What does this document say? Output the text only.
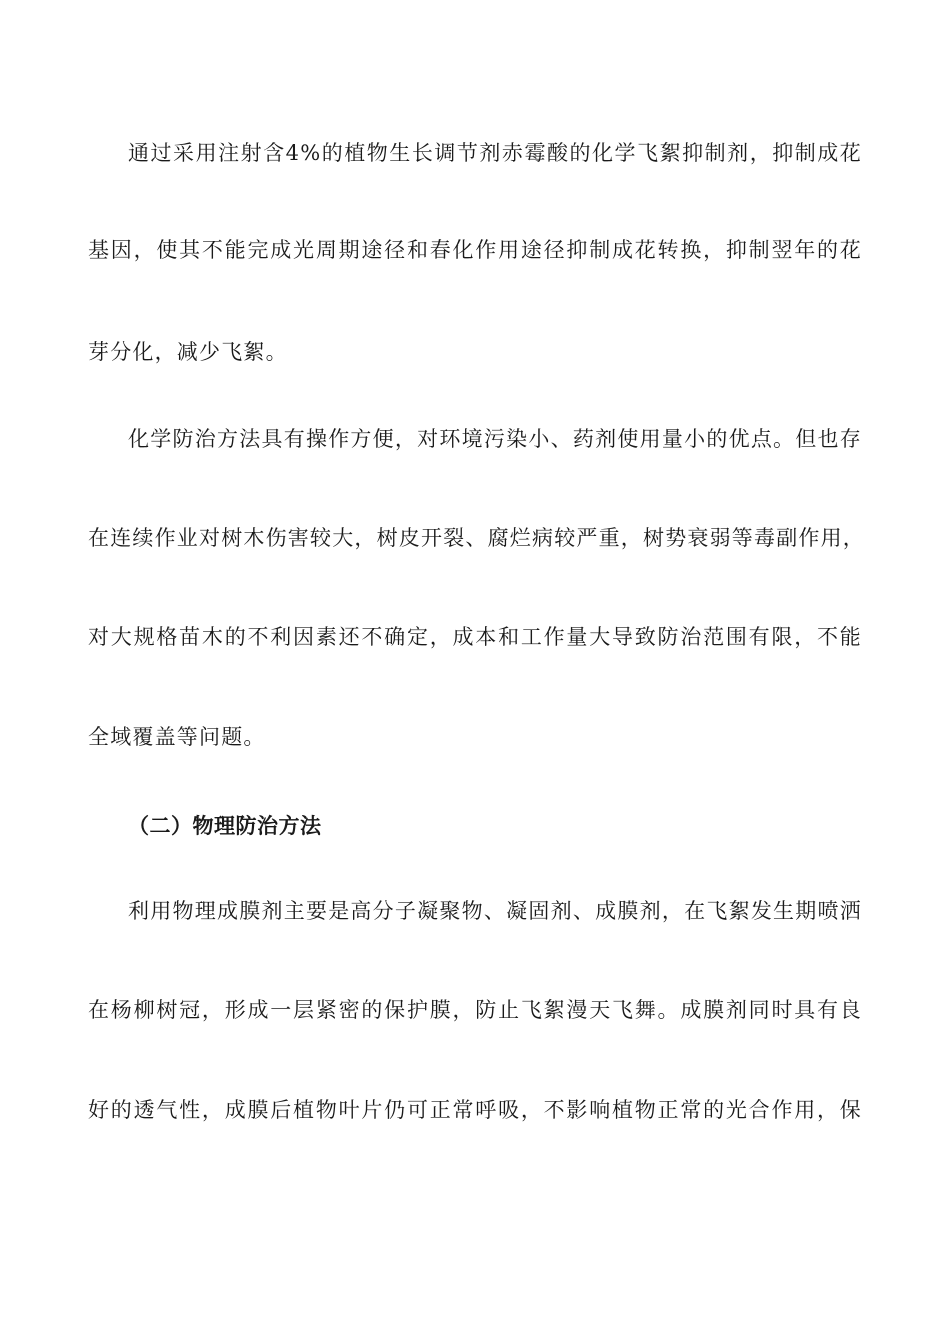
通过采用注射含4%的植物生长调节剂赤霉酸的化学飞絮抑制剂，抑制成花
基因，使其不能完成光周期途径和春化作用途径抑制成花转换，抑制翌年的花
芽分化，减少飞絮。
化学防治方法具有操作方便，对环境污染小、药剂使用量小的优点。但也存
在连续作业对树木伤害较大，树皮开裂、腐烂病较严重，树势衰弱等毒副作用，
对大规格苗木的不利因素还不确定，成本和工作量大导致防治范围有限，不能
全域覆盖等问题。
（二）物理防治方法
利用物理成膜剂主要是高分子凝聚物、凝固剂、成膜剂，在飞絮发生期喷洒
在杨柳树冠，形成一层紧密的保护膜，防止飞絮漫天飞舞。成膜剂同时具有良
好的透气性，成膜后植物叶片仍可正常呼吸，不影响植物正常的光合作用，保
